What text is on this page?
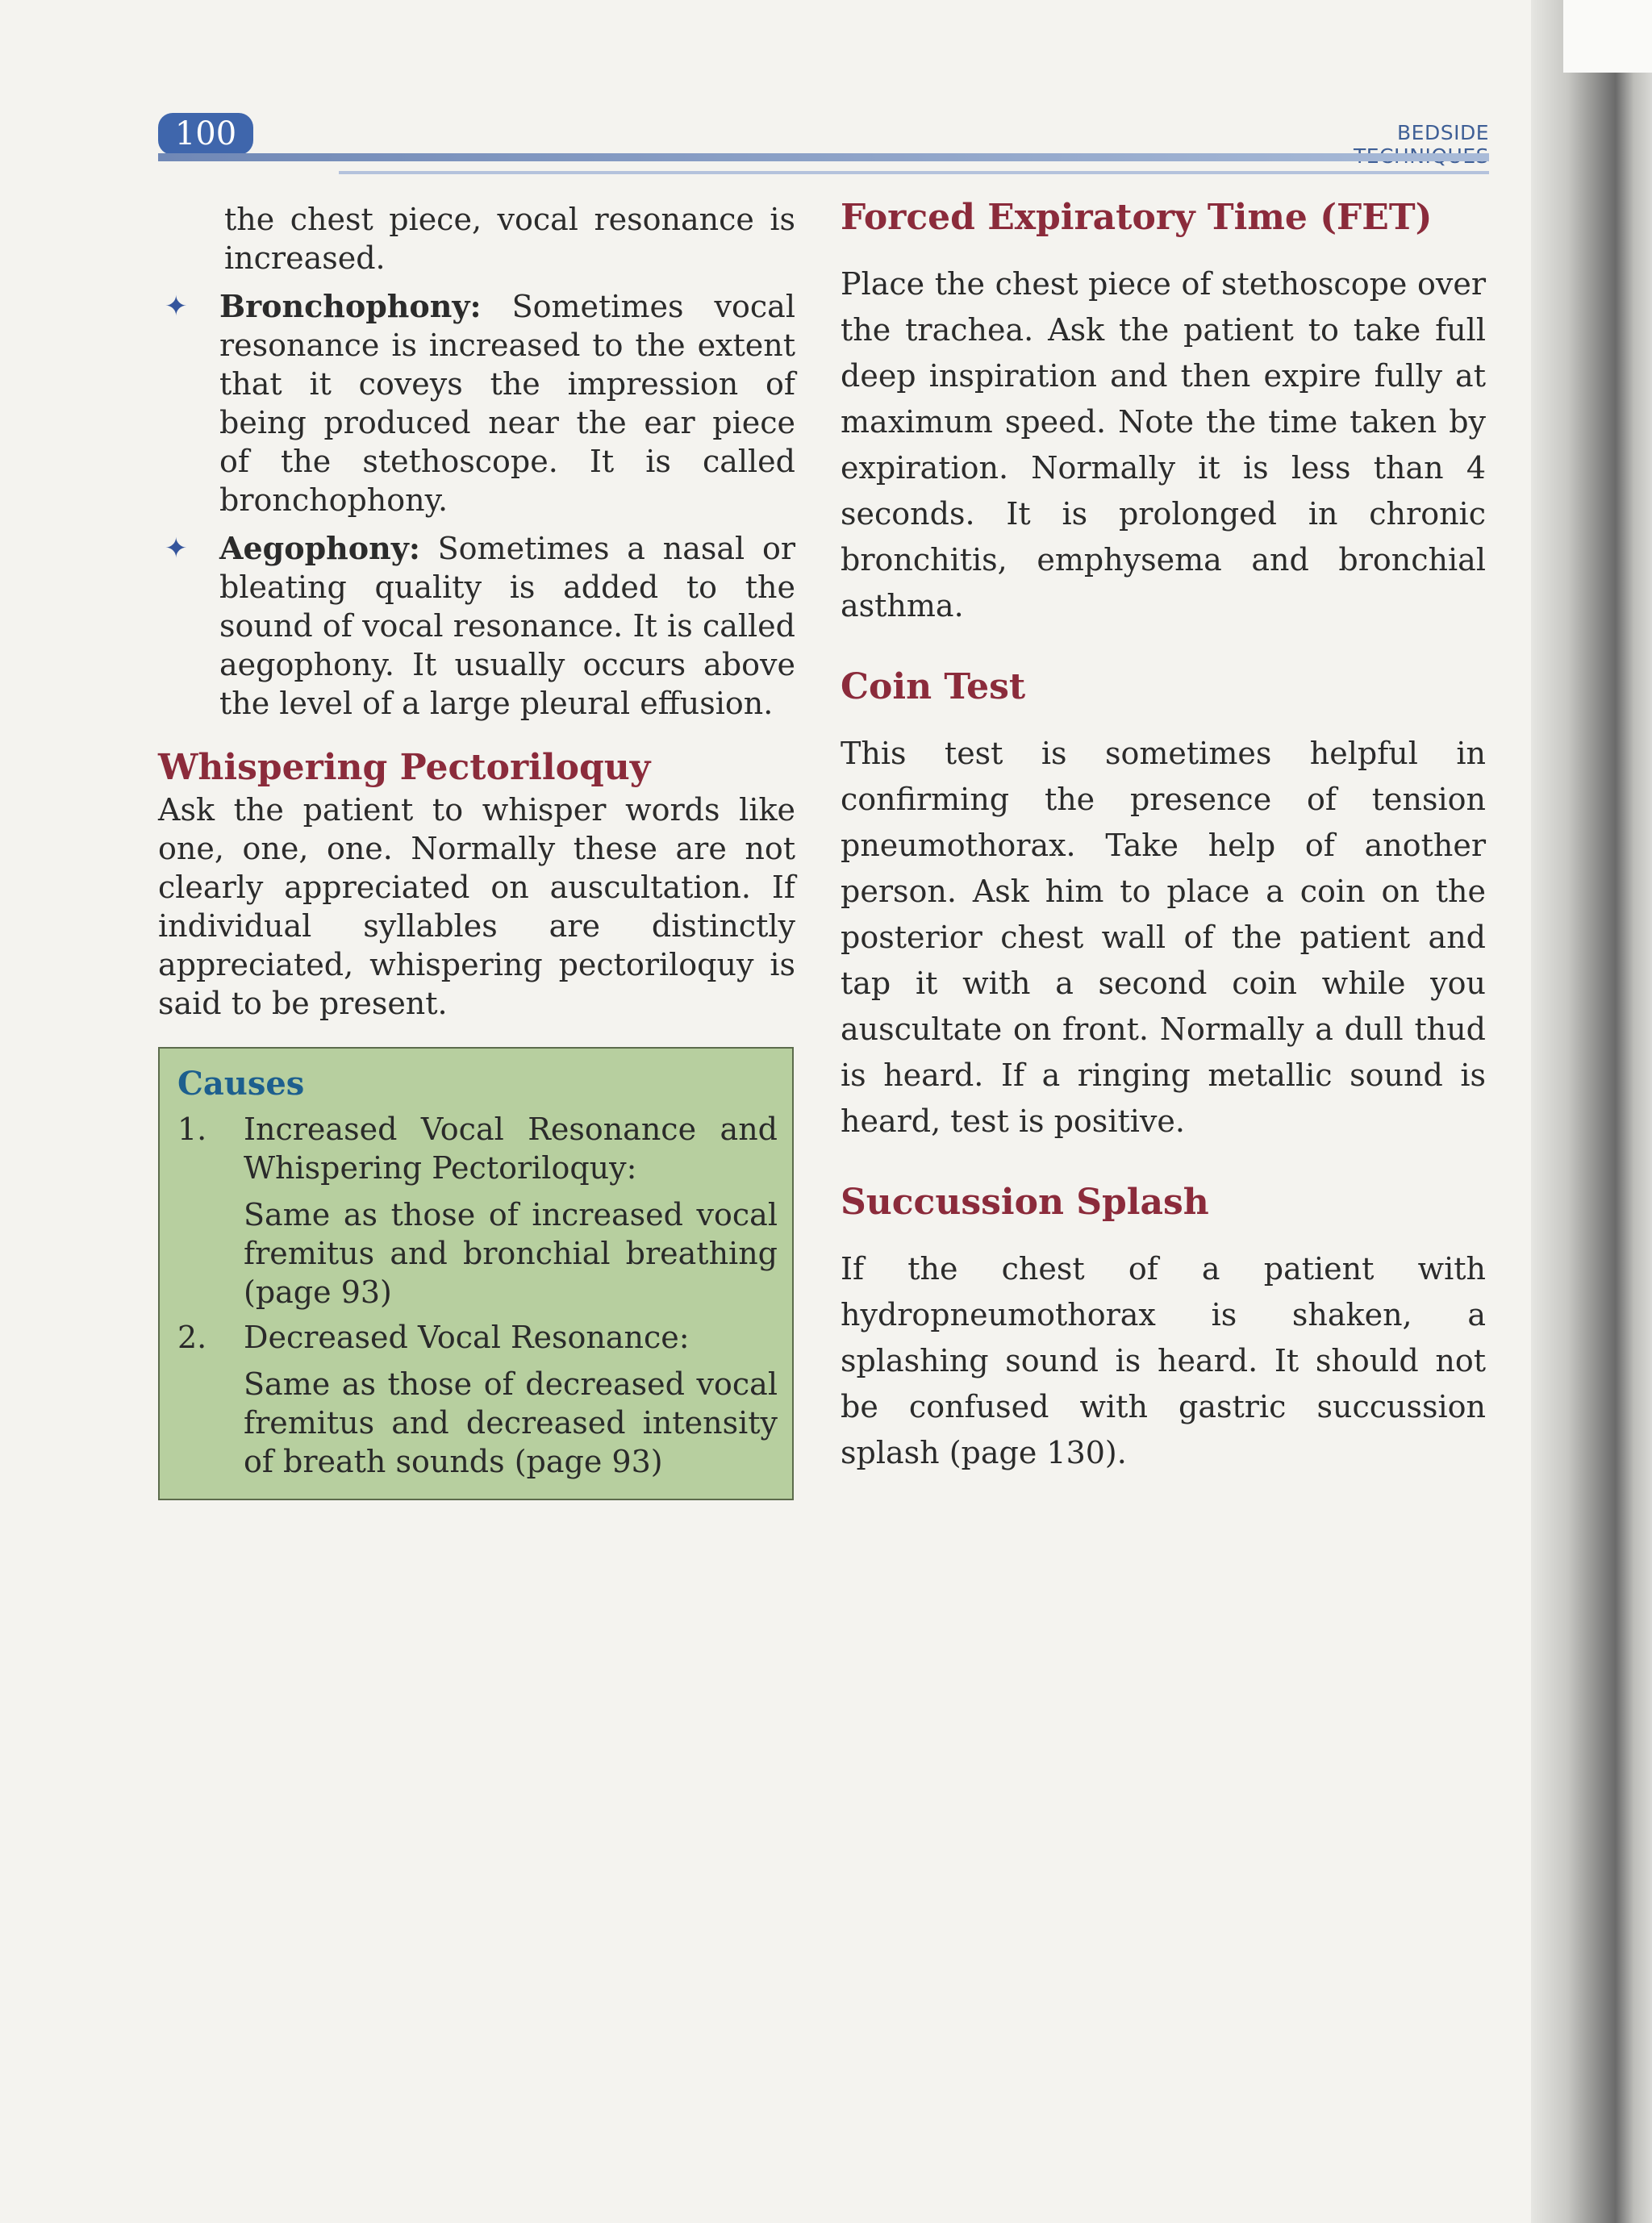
100	BEDSIDE

the chest piece, vocal resonance is increased.

✦ Bronchophony: Sometimes vocal resonance is increased to the extent that it coveys the impression of being produced near the ear piece of the stethoscope. It is called bronchophony.
✦ Aegophony: Sometimes a nasal or bleating quality is added to the sound of vocal resonance. It is called aegophony. It usually occurs above the level of a large pleural effusion.
Whispering Pectoriloquy

Ask the patient to whisper words like one, one, one. Normally these are not clearly appreciated on auscultation. If individual syllables are distinctly appreciated, whispering pectoriloquy is said to be present.

Causes
1.	Increased Vocal Resonance and Whispering Pectoriloquy:

Same as those of increased vocal fremitus and bronchial breathing (page 93)

2.	Decreased Vocal Resonance:

Same as those of decreased vocal fremitus and decreased intensity of breath sounds (page 93)

Forced Expiratory Time (FET)

Place the chest piece of stethoscope over the trachea. Ask the patient to take full deep inspiration and then expire fully at maximum speed. Note the time taken by expiration. Normally it is less than 4 seconds. It is prolonged in chronic bronchitis, emphysema and bronchial asthma.

Coin Test

This test is sometimes helpful in confirming the presence of tension pneumothorax. Take help of another person. Ask him to place a coin on the posterior chest wall of the patient and tap it with a second coin while you auscultate on front. Normally a dull thud is heard. If a ringing metallic sound is heard, test is positive.

Succussion Splash

If the chest of a patient with hydropneumothorax is shaken, a splashing sound is heard. It should not be confused with gastric succussion splash (page 130).
